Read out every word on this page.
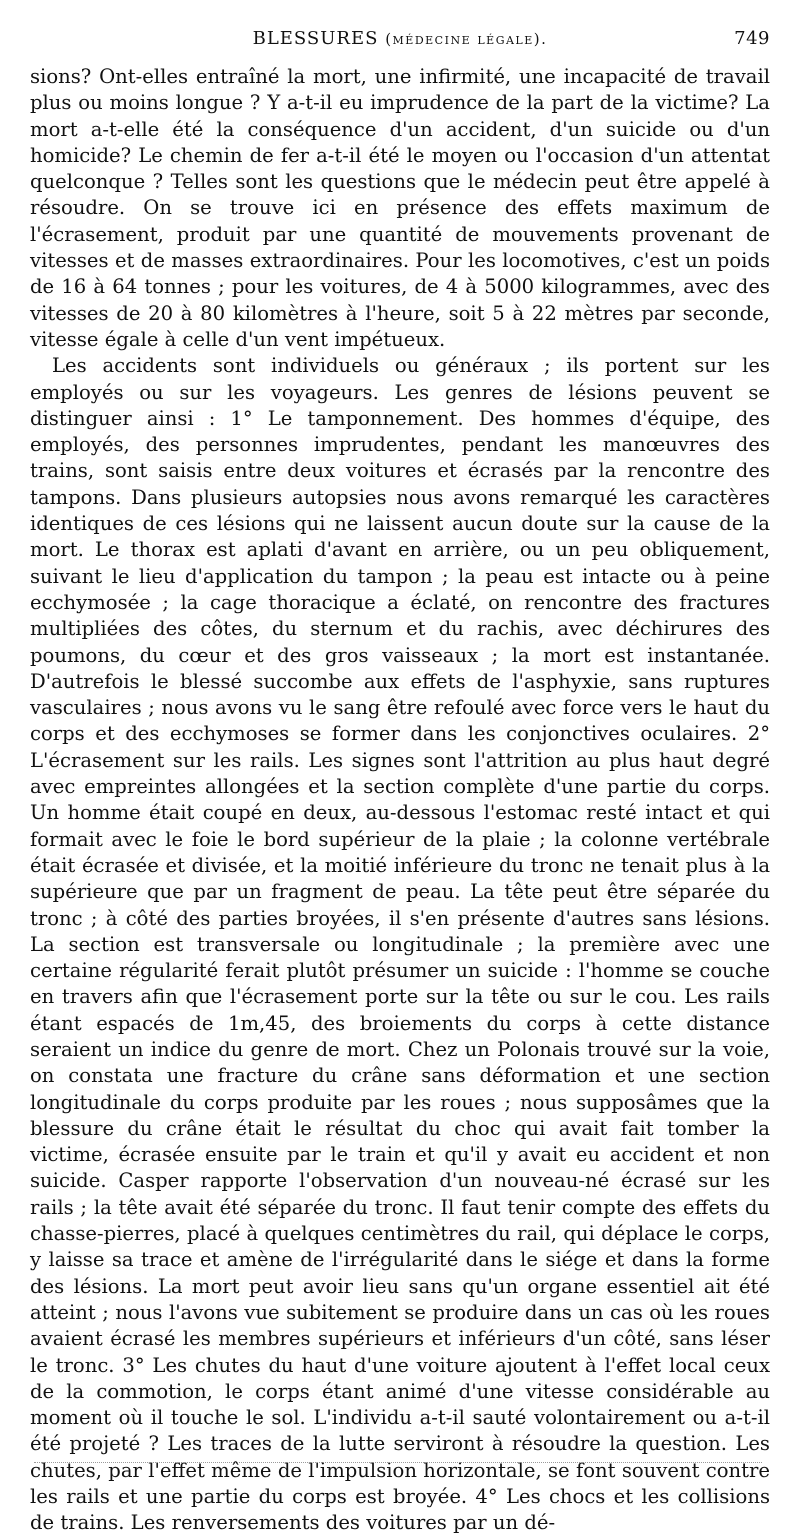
BLESSURES (médecine légale).	749

sions? Ont-elles entraîné la mort, une infirmité, une incapacité de travail plus ou moins longue ? Y a-t-il eu imprudence de la part de la victime? La mort a-t-elle été la conséquence d'un accident, d'un suicide ou d'un homicide? Le chemin de fer a-t-il été le moyen ou l'occasion d'un attentat quelconque ? Telles sont les questions que le médecin peut être appelé à résoudre. On se trouve ici en présence des effets maximum de l'écrasement, produit par une quantité de mouvements provenant de vitesses et de masses extraordinaires. Pour les locomotives, c'est un poids de 16 à 64 tonnes ; pour les voitures, de 4 à 5000 kilogrammes, avec des vitesses de 20 à 80 kilomètres à l'heure, soit 5 à 22 mètres par seconde, vitesse égale à celle d'un vent impétueux.

Les accidents sont individuels ou généraux ; ils portent sur les employés ou sur les voyageurs. Les genres de lésions peuvent se distinguer ainsi : 1° Le tamponnement. Des hommes d'équipe, des employés, des personnes imprudentes, pendant les manœuvres des trains, sont saisis entre deux voitures et écrasés par la rencontre des tampons. Dans plusieurs autopsies nous avons remarqué les caractères identiques de ces lésions qui ne laissent aucun doute sur la cause de la mort. Le thorax est aplati d'avant en arrière, ou un peu obliquement, suivant le lieu d'application du tampon ; la peau est intacte ou à peine ecchymosée ; la cage thoracique a éclaté, on rencontre des fractures multipliées des côtes, du sternum et du rachis, avec déchirures des poumons, du cœur et des gros vaisseaux ; la mort est instantanée. D'autrefois le blessé succombe aux effets de l'asphyxie, sans ruptures vasculaires ; nous avons vu le sang être refoulé avec force vers le haut du corps et des ecchymoses se former dans les conjonctives oculaires. 2° L'écrasement sur les rails. Les signes sont l'attrition au plus haut degré avec empreintes allongées et la section complète d'une partie du corps. Un homme était coupé en deux, au-dessous l'estomac resté intact et qui formait avec le foie le bord supérieur de la plaie ; la colonne vertébrale était écrasée et divisée, et la moitié inférieure du tronc ne tenait plus à la supérieure que par un fragment de peau. La tête peut être séparée du tronc ; à côté des parties broyées, il s'en présente d'autres sans lésions. La section est transversale ou longitudinale ; la première avec une certaine régularité ferait plutôt présumer un suicide : l'homme se couche en travers afin que l'écrasement porte sur la tête ou sur le cou. Les rails étant espacés de 1m,45, des broiements du corps à cette distance seraient un indice du genre de mort. Chez un Polonais trouvé sur la voie, on constata une fracture du crâne sans déformation et une section longitudinale du corps produite par les roues ; nous supposâmes que la blessure du crâne était le résultat du choc qui avait fait tomber la victime, écrasée ensuite par le train et qu'il y avait eu accident et non suicide. Casper rapporte l'observation d'un nouveau-né écrasé sur les rails ; la tête avait été séparée du tronc. Il faut tenir compte des effets du chasse-pierres, placé à quelques centimètres du rail, qui déplace le corps, y laisse sa trace et amène de l'irrégularité dans le siége et dans la forme des lésions. La mort peut avoir lieu sans qu'un organe essentiel ait été atteint ; nous l'avons vue subitement se produire dans un cas où les roues avaient écrasé les membres supérieurs et inférieurs d'un côté, sans léser le tronc. 3° Les chutes du haut d'une voiture ajoutent à l'effet local ceux de la commotion, le corps étant animé d'une vitesse considérable au moment où il touche le sol. L'individu a-t-il sauté volontairement ou a-t-il été projeté ? Les traces de la lutte serviront à résoudre la question. Les chutes, par l'effet même de l'impulsion horizontale, se font souvent contre les rails et une partie du corps est broyée. 4° Les chocs et les collisions de trains. Les renversements des voitures par un dé-
